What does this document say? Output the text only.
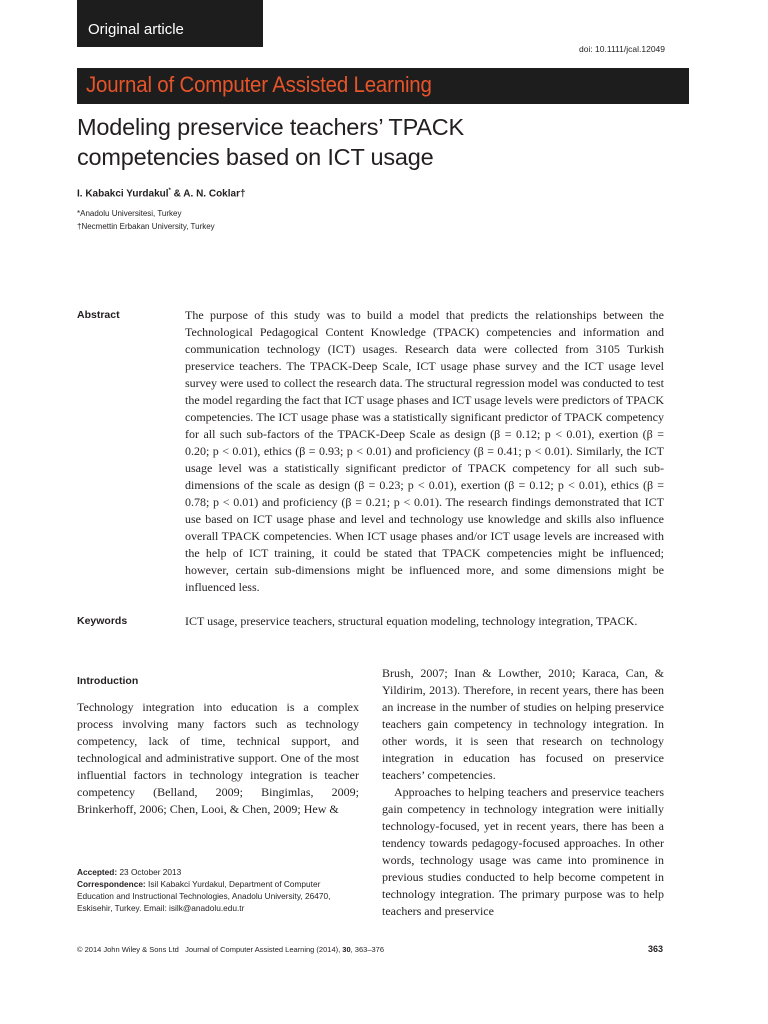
Original article
doi: 10.1111/jcal.12049
Journal of Computer Assisted Learning
Modeling preservice teachers’ TPACK
competencies based on ICT usage
I. Kabakci Yurdakul* & A. N. Coklar†
*Anadolu Universitesi, Turkey
†Necmettin Erbakan University, Turkey
Abstract	The purpose of this study was to build a model that predicts the relationships between the Technological Pedagogical Content Knowledge (TPACK) competencies and information and communication technology (ICT) usages. Research data were collected from 3105 Turkish preservice teachers. The TPACK-Deep Scale, ICT usage phase survey and the ICT usage level survey were used to collect the research data. The structural regression model was conducted to test the model regarding the fact that ICT usage phases and ICT usage levels were predictors of TPACK competencies. The ICT usage phase was a statistically significant predictor of TPACK competency for all such sub-factors of the TPACK-Deep Scale as design (β = 0.12; p < 0.01), exertion (β = 0.20; p < 0.01), ethics (β = 0.93; p < 0.01) and proficiency (β = 0.41; p < 0.01). Similarly, the ICT usage level was a statistically significant predictor of TPACK competency for all such sub-dimensions of the scale as design (β = 0.23; p < 0.01), exertion (β = 0.12; p < 0.01), ethics (β = 0.78; p < 0.01) and proficiency (β = 0.21; p < 0.01). The research findings demonstrated that ICT use based on ICT usage phase and level and technology use knowledge and skills also influence overall TPACK competencies. When ICT usage phases and/or ICT usage levels are increased with the help of ICT training, it could be stated that TPACK competencies might be influenced; however, certain sub-dimensions might be influenced more, and some dimensions might be influenced less.

Keywords	ICT usage, preservice teachers, structural equation modeling, technology integration, TPACK.
Introduction

Technology integration into education is a complex process involving many factors such as technology competency, lack of time, technical support, and technological and administrative support. One of the most influential factors in technology integration is teacher competency (Belland, 2009; Bingimlas, 2009; Brinkerhoff, 2006; Chen, Looi, & Chen, 2009; Hew &

Brush, 2007; Inan & Lowther, 2010; Karaca, Can, & Yildirim, 2013). Therefore, in recent years, there has been an increase in the number of studies on helping preservice teachers gain competency in technology integration. In other words, it is seen that research on technology integration in education has focused on preservice teachers’ competencies.

Approaches to helping teachers and preservice teachers gain competency in technology integration were initially technology-focused, yet in recent years, there has been a tendency towards pedagogy-focused approaches. In other words, technology usage was came into prominence in previous studies conducted to help become competent in technology integration. The primary purpose was to help teachers and preservice

Accepted: 23 October 2013
Correspondence: Isil Kabakci Yurdakul, Department of Computer
Education and Instructional Technologies, Anadolu University, 26470,
Eskisehir, Turkey. Email: isilk@anadolu.edu.tr
© 2014 John Wiley & Sons Ltd Journal of Computer Assisted Learning (2014), 30, 363–376	363
